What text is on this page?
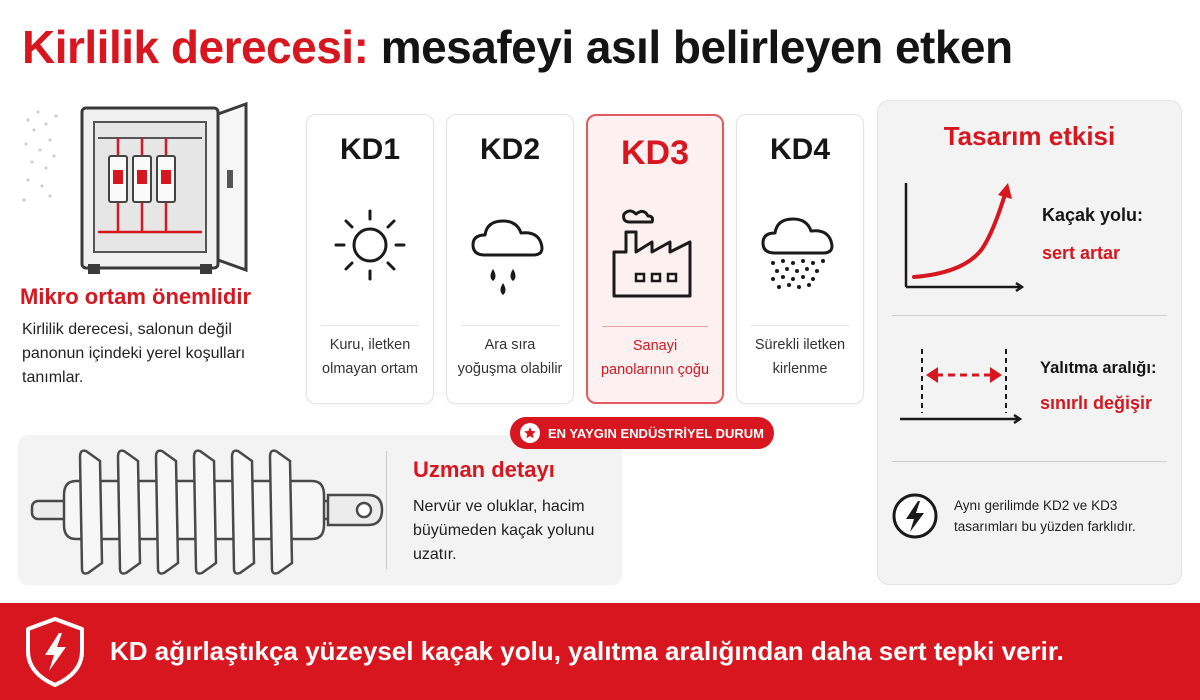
Kirlilik derecesi: mesafeyi asıl belirleyen etken
Mikro ortam önemlidir
Kirlilik derecesi, salonun değil panonun içindeki yerel koşulları tanımlar.
KD1
Kuru, iletken olmayan ortam
KD2
Ara sıra yoğuşma olabilir
KD3
Sanayi panolarının çoğu
KD4
Sürekli iletken kirlenme
Uzman detayı
Nervür ve oluklar, hacim büyümeden kaçak yolunu uzatır.
EN YAYGIN ENDÜSTRİYEL DURUM
Tasarım etkisi
Kaçak yolu:
sert artar
Yalıtma aralığı:
sınırlı değişir
Aynı gerilimde KD2 ve KD3 tasarımları bu yüzden farklıdır.
KD ağırlaştıkça yüzeysel kaçak yolu, yalıtma aralığından daha sert tepki verir.
